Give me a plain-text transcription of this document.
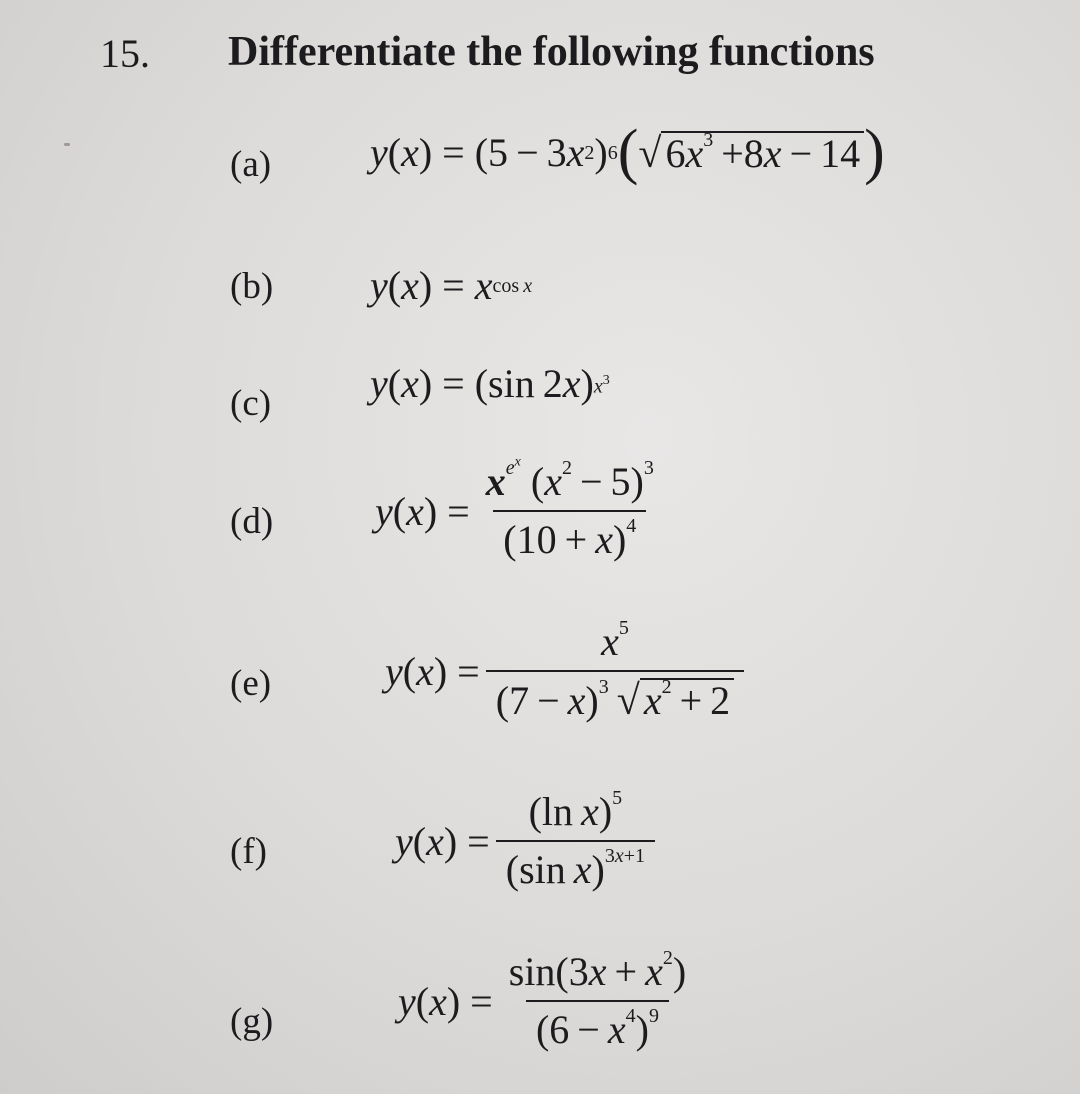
15. Differentiate the following functions
(a) y ( x ) = (5 − 3 x 2 ) 6 ( √ $6x^3 +8x - 14$ )
(b) y ( x ) = x cos x
(c) y ( x ) = (sin 2 x ) $x^3$
(d)	y ( x ) = $\frac{x^{e^x} (x^2 - 5)^3}{(10 + x)^4}$
(e)	y ( x ) = $\frac{x^5}{(7 - x)^3 √ x^2 + 2}$
(f)	y ( x ) = $\frac{(\ln x)^5}{(\sin x)^{3x+1}}$
(g)	y ( x ) = $\frac{\sin(3x + x^2)}{(6 - x^4)^9}$
